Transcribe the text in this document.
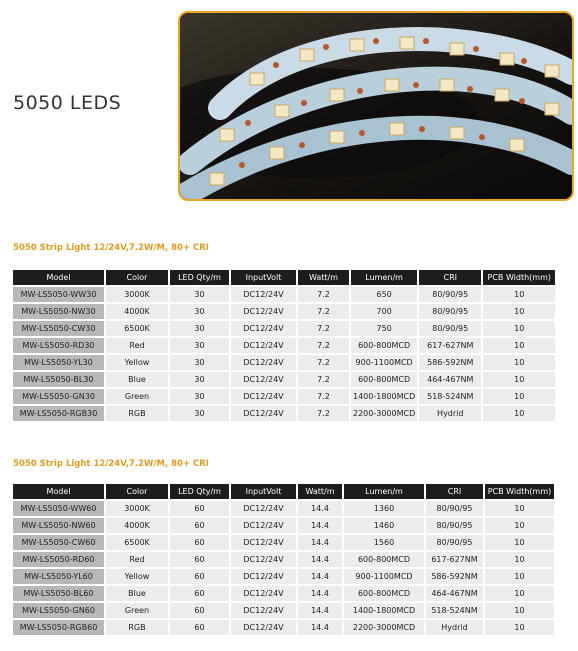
5050 LEDS
5050 Strip Light 12/24V,7.2W/M, 80+ CRI
Model	Color	LED Qty/m	InputVolt	Watt/m	Lumen/m	CRI	PCB Width(mm)
MW-LS5050-WW30	3000K	30	DC12/24V	7.2	650	80/90/95	10
MW-LS5050-NW30	4000K	30	DC12/24V	7.2	700	80/90/95	10
MW-LS5050-CW30	6500K	30	DC12/24V	7.2	750	80/90/95	10
MW-LS5050-RD30	Red	30	DC12/24V	7.2	600-800MCD	617-627NM	10
MW-LS5050-YL30	Yellow	30	DC12/24V	7.2	900-1100MCD	586-592NM	10
MW-LS5050-BL30	Blue	30	DC12/24V	7.2	600-800MCD	464-467NM	10
MW-LS5050-GN30	Green	30	DC12/24V	7.2	1400-1800MCD	518-524NM	10
MW-LS5050-RGB30	RGB	30	DC12/24V	7.2	2200-3000MCD	Hydrid	10
5050 Strip Light 12/24V,7.2W/M, 80+ CRI
Model	Color	LED Qty/m	InputVolt	Watt/m	Lumen/m	CRI	PCB Width(mm)
MW-LS5050-WW60	3000K	60	DC12/24V	14.4	1360	80/90/95	10
MW-LS5050-NW60	4000K	60	DC12/24V	14.4	1460	80/90/95	10
MW-LS5050-CW60	6500K	60	DC12/24V	14.4	1560	80/90/95	10
MW-LS5050-RD60	Red	60	DC12/24V	14.4	600-800MCD	617-627NM	10
MW-LS5050-YL60	Yellow	60	DC12/24V	14.4	900-1100MCD	586-592NM	10
MW-LS5050-BL60	Blue	60	DC12/24V	14.4	600-800MCD	464-467NM	10
MW-LS5050-GN60	Green	60	DC12/24V	14.4	1400-1800MCD	518-524NM	10
MW-LS5050-RGB60	RGB	60	DC12/24V	14.4	2200-3000MCD	Hydrid	10
